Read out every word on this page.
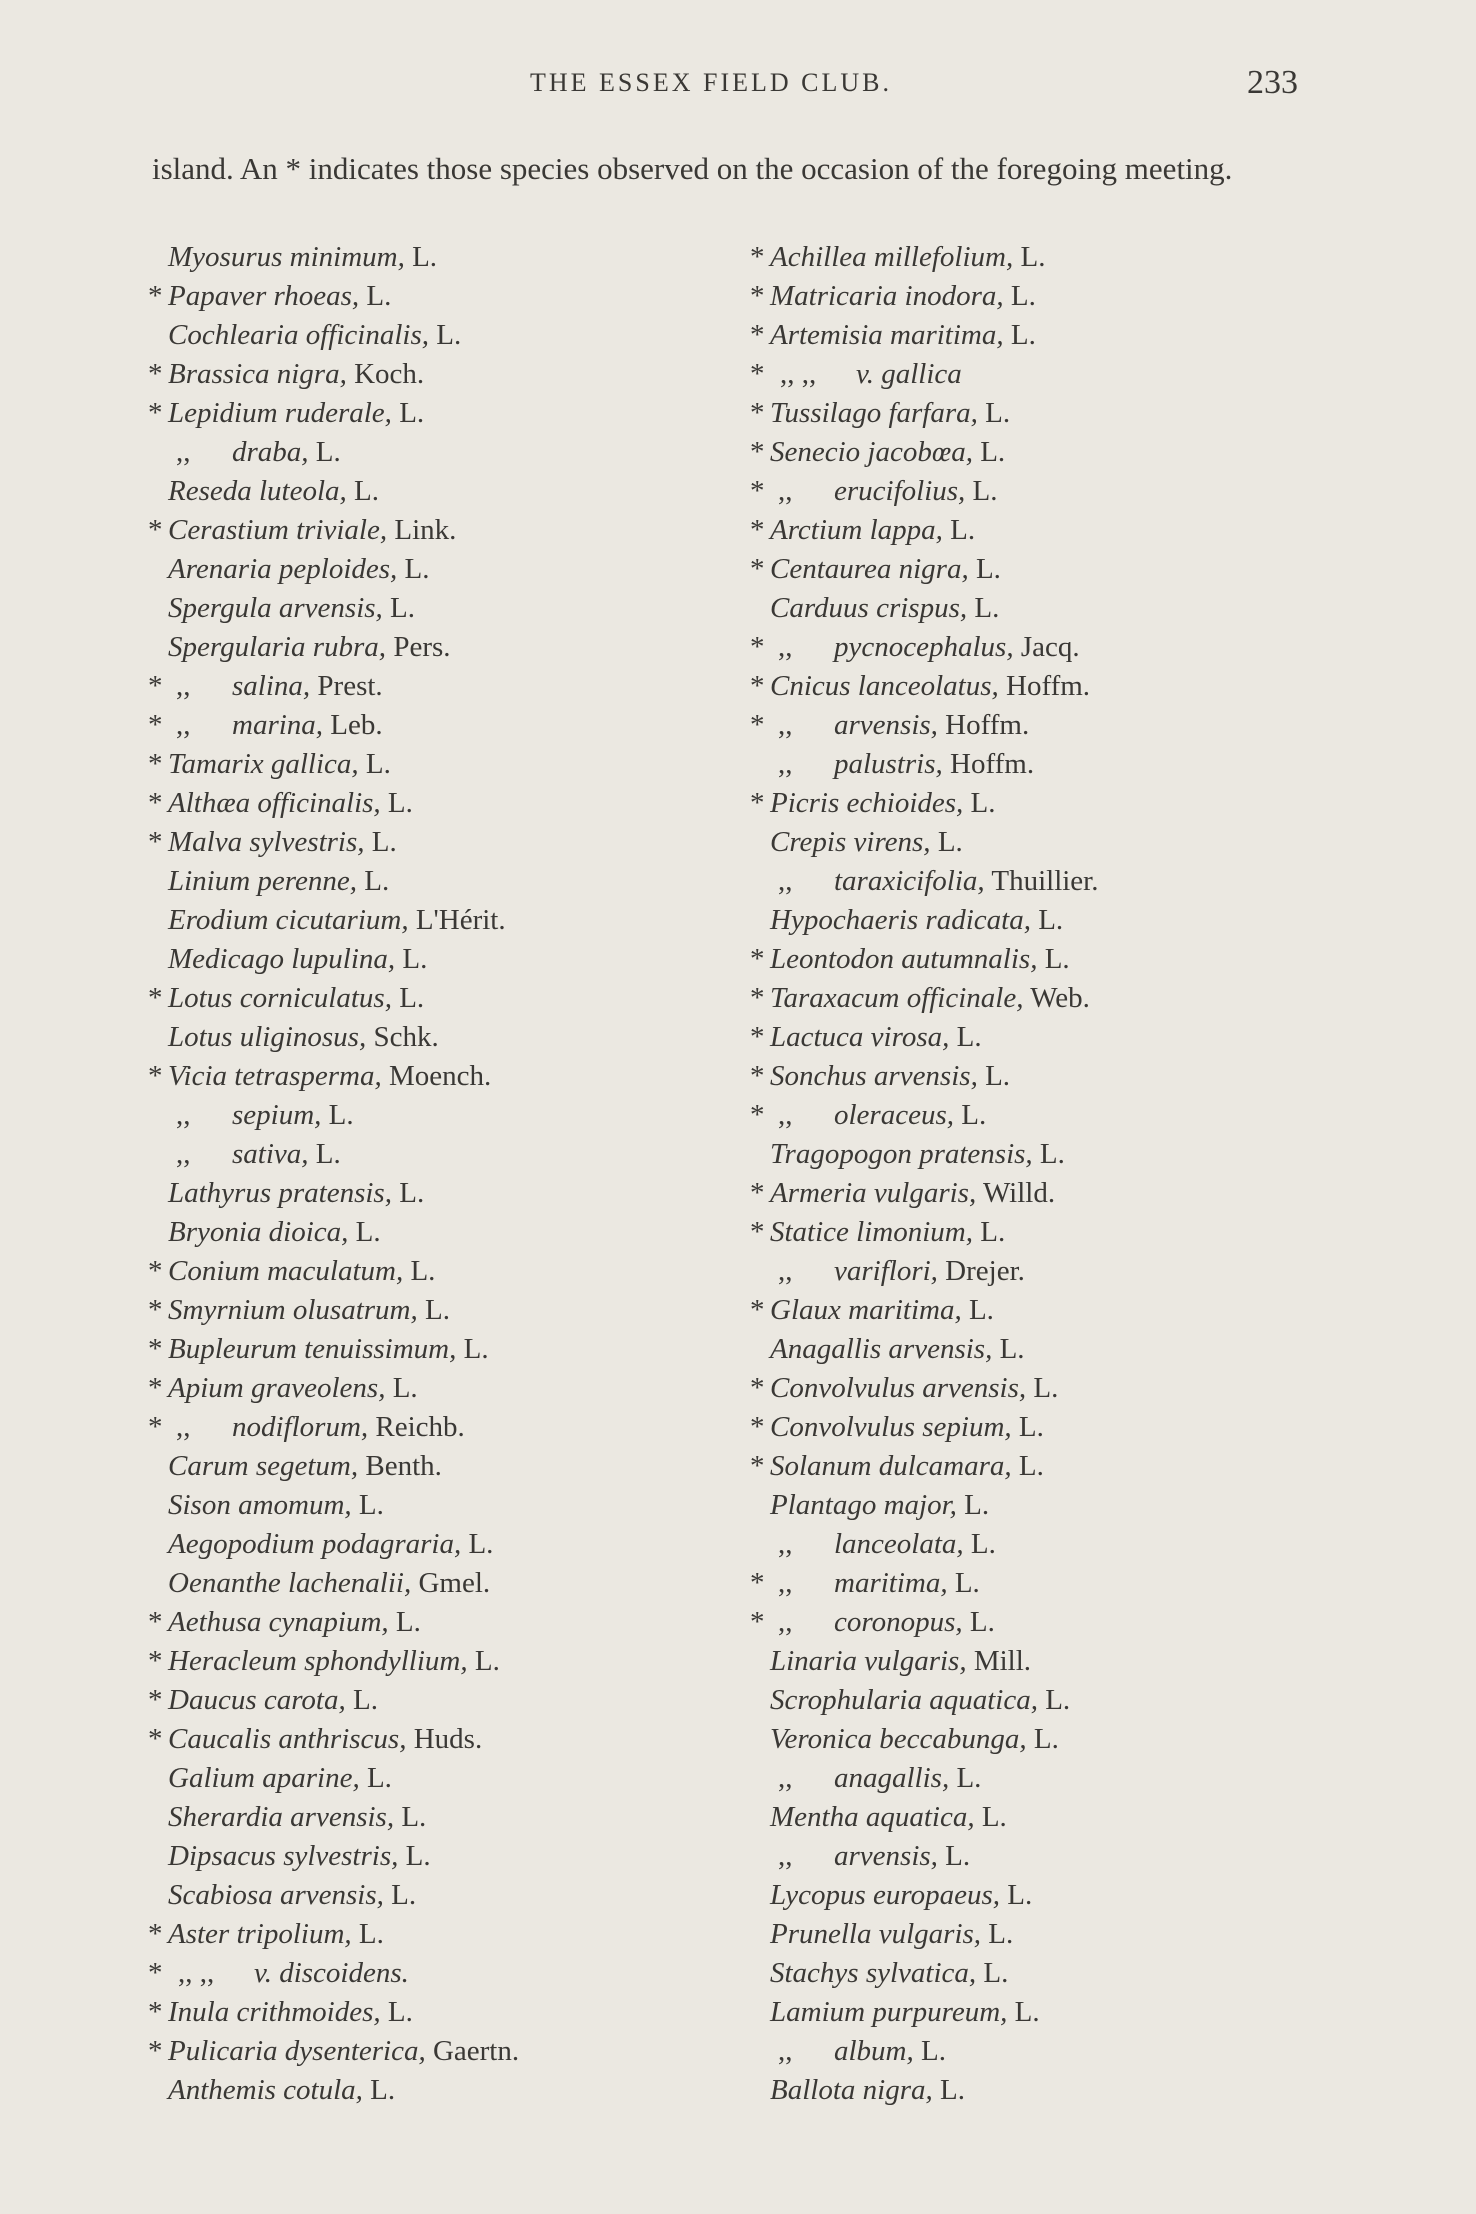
THE ESSEX FIELD CLUB.	233
island. An * indicates those species observed on the occasion of the foregoing meeting.
Myosurus minimum, L.
* Papaver rhoeas, L.
Cochlearia officinalis, L.
* Brassica nigra, Koch.
* Lepidium ruderale, L.
,, draba, L.
Reseda luteola, L.
* Cerastium triviale, Link.
Arenaria peploides, L.
Spergula arvensis, L.
Spergularia rubra, Pers.
* ,, salina, Prest.
* ,, marina, Leb.
* Tamarix gallica, L.
* Althæa officinalis, L.
* Malva sylvestris, L.
Linium perenne, L.
Erodium cicutarium, L'Hérit.
Medicago lupulina, L.
* Lotus corniculatus, L.
Lotus uliginosus, Schk.
* Vicia tetrasperma, Moench.
,, sepium, L.
,, sativa, L.
Lathyrus pratensis, L.
Bryonia dioica, L.
* Conium maculatum, L.
* Smyrnium olusatrum, L.
* Bupleurum tenuissimum, L.
* Apium graveolens, L.
* ,, nodiflorum, Reichb.
Carum segetum, Benth.
Sison amomum, L.
Aegopodium podagraria, L.
Oenanthe lachenalii, Gmel.
* Aethusa cynapium, L.
* Heracleum sphondyllium, L.
* Daucus carota, L.
* Caucalis anthriscus, Huds.
Galium aparine, L.
Sherardia arvensis, L.
Dipsacus sylvestris, L.
Scabiosa arvensis, L.
* Aster tripolium, L.
* ,, ,, v. discoidens.
* Inula crithmoides, L.
* Pulicaria dysenterica, Gaertn.
Anthemis cotula, L.
* Achillea millefolium, L.
* Matricaria inodora, L.
* Artemisia maritima, L.
* ,, ,, v. gallica
* Tussilago farfara, L.
* Senecio jacobœa, L.
* ,, erucifolius, L.
* Arctium lappa, L.
* Centaurea nigra, L.
Carduus crispus, L.
* ,, pycnocephalus, Jacq.
* Cnicus lanceolatus, Hoffm.
* ,, arvensis, Hoffm.
,, palustris, Hoffm.
* Picris echioides, L.
Crepis virens, L.
,, taraxicifolia, Thuillier.
Hypochaeris radicata, L.
* Leontodon autumnalis, L.
* Taraxacum officinale, Web.
* Lactuca virosa, L.
* Sonchus arvensis, L.
* ,, oleraceus, L.
Tragopogon pratensis, L.
* Armeria vulgaris, Willd.
* Statice limonium, L.
,, variflori, Drejer.
* Glaux maritima, L.
Anagallis arvensis, L.
* Convolvulus arvensis, L.
* Convolvulus sepium, L.
* Solanum dulcamara, L.
Plantago major, L.
,, lanceolata, L.
* ,, maritima, L.
* ,, coronopus, L.
Linaria vulgaris, Mill.
Scrophularia aquatica, L.
Veronica beccabunga, L.
,, anagallis, L.
Mentha aquatica, L.
,, arvensis, L.
Lycopus europaeus, L.
Prunella vulgaris, L.
Stachys sylvatica, L.
Lamium purpureum, L.
,, album, L.
Ballota nigra, L.
